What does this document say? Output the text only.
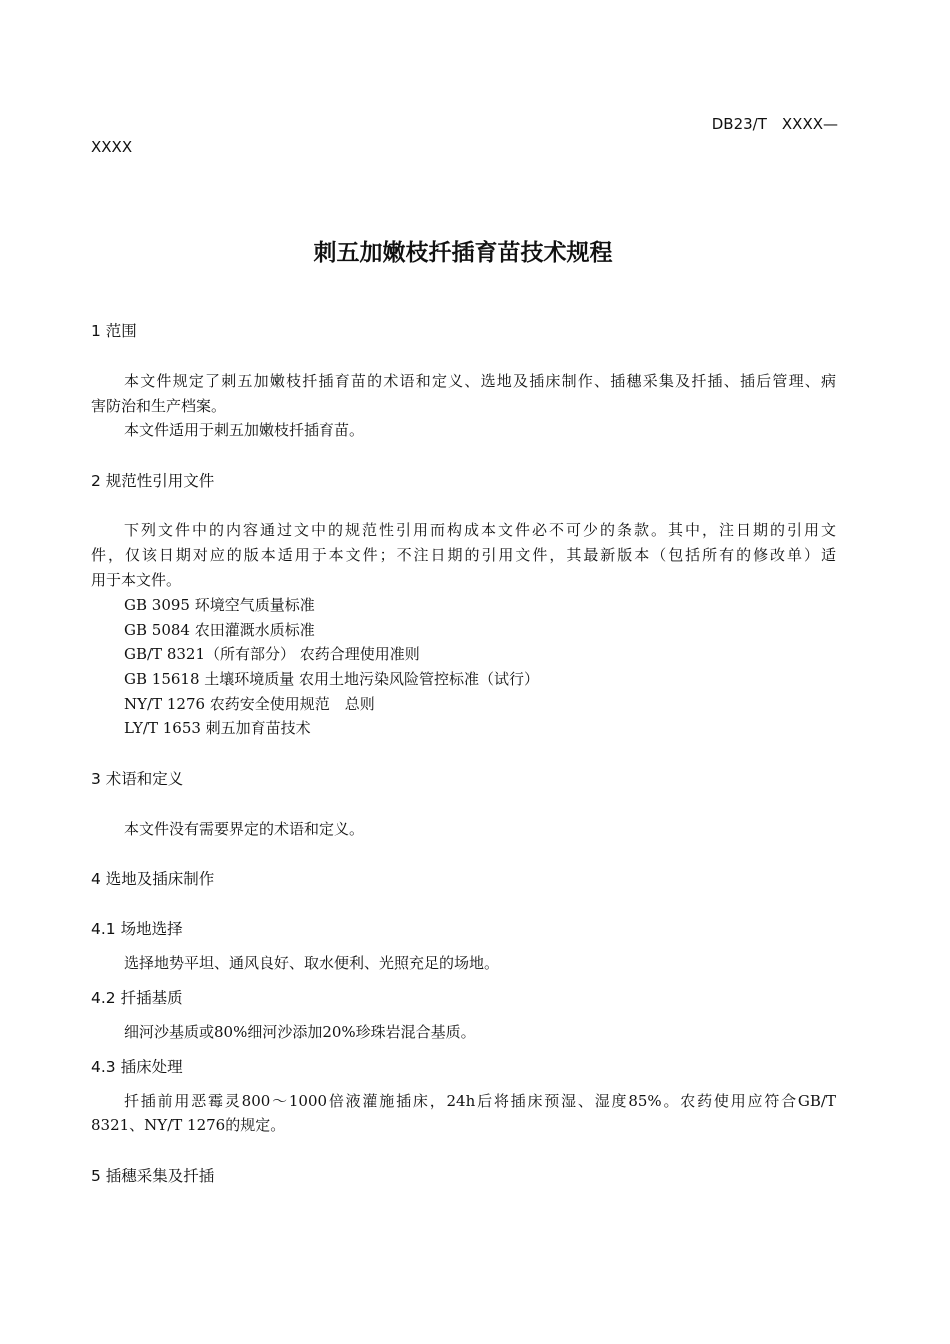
DB23/T　XXXX—
XXXX
刺五加嫩枝扦插育苗技术规程
1 范围
本文件规定了刺五加嫩枝扦插育苗的术语和定义、选地及插床制作、插穗采集及扦插、插后管理、病
害防治和生产档案。
本文件适用于刺五加嫩枝扦插育苗。
2 规范性引用文件
下列文件中的内容通过文中的规范性引用而构成本文件必不可少的条款。其中，注日期的引用文
件，仅该日期对应的版本适用于本文件；不注日期的引用文件，其最新版本（包括所有的修改单）适
用于本文件。
GB 3095 环境空气质量标准
GB 5084 农田灌溉水质标准
GB/T 8321（所有部分） 农药合理使用准则
GB 15618 土壤环境质量 农用土地污染风险管控标准（试行）
NY/T 1276 农药安全使用规范　总则
LY/T 1653 刺五加育苗技术
3 术语和定义
本文件没有需要界定的术语和定义。
4 选地及插床制作
4.1 场地选择
选择地势平坦、通风良好、取水便利、光照充足的场地。
4.2 扦插基质
细河沙基质或80%细河沙添加20%珍珠岩混合基质。
4.3 插床处理
扦插前用恶霉灵800～1000倍液灌施插床，24h后将插床预湿、湿度85%。农药使用应符合GB/T
8321、NY/T 1276的规定。
5 插穗采集及扦插
